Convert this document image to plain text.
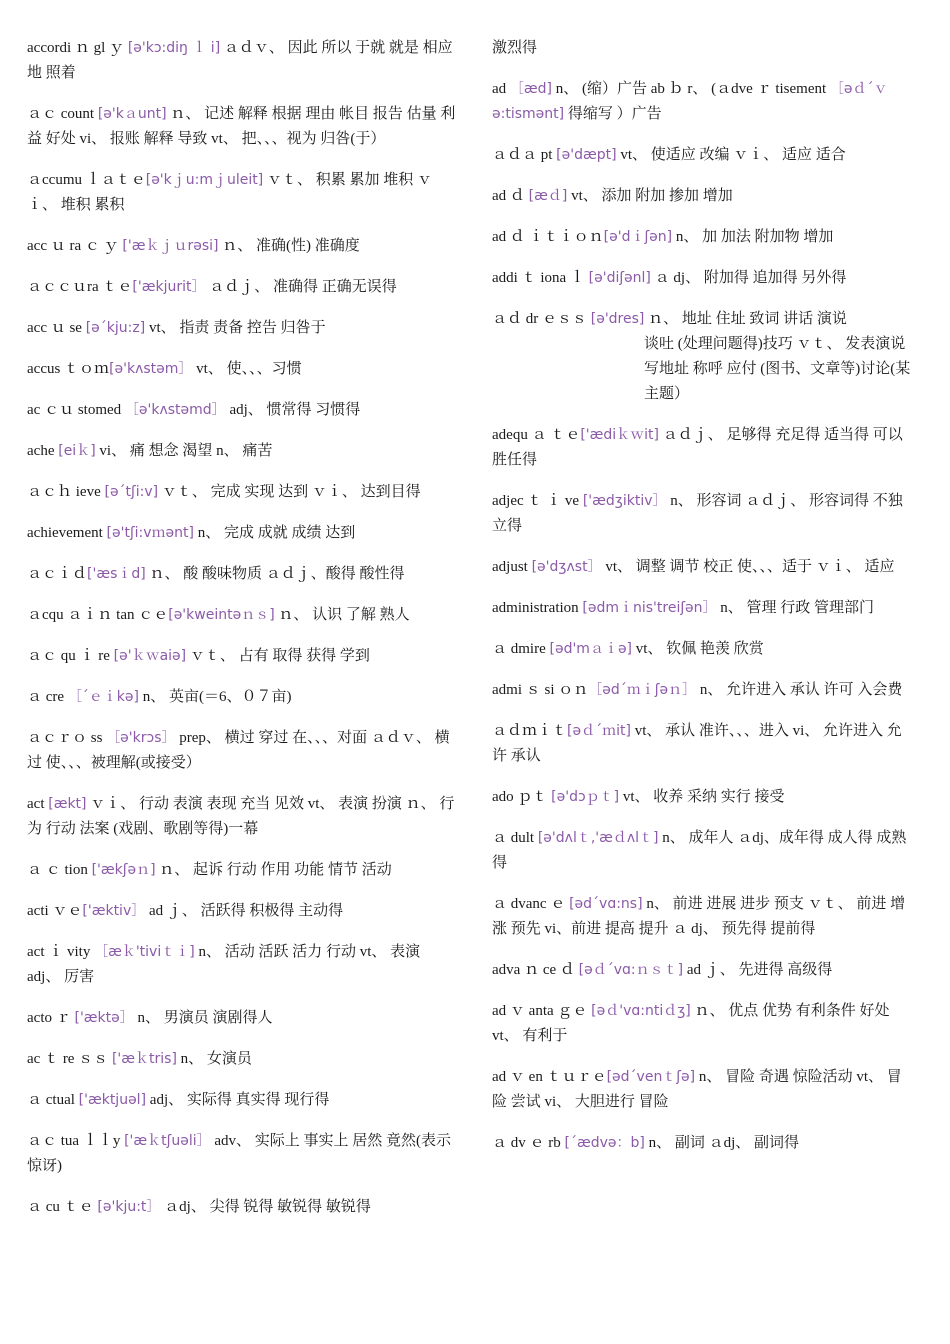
accordi ｎ gl ｙ [ə'kɔ:diŋ ｌ i] ａｄｖ、 因此 所以 于就 就是 相应地 照着
ａｃ count [ə'kａunt] ｎ、 记述 解释 根据 理由 帐目 报告 估量 利益 好处 vi、 报账 解释 导致 vt、 把、、、视为 归咎(于）
ａccumu ｌａｔｅ[ə'kｊu:mｊuleit] ｖｔ、 积累 累加 堆积 ｖｉ、 堆积 累积
acc ｕ ra ｃ ｙ ['æｋｊｕrəsi] ｎ、 准确(性) 准确度
ａｃｃｕra ｔｅ['ækjurit］ ａｄｊ、 准确得 正确无误得
acc ｕ se [əˊkju:z] vt、 指责 责备 控告 归咎于
accus ｔｏｍ[ə'kʌstəm］ vt、 使、、、习惯
ac ｃｕ stomed ［ə'kʌstəmd］ adj、 惯常得 习惯得
ache [eiｋ] vi、 痛 想念 渴望 n、 痛苦
ａｃｈ ieve [əˊtʃi:v] ｖｔ、 完成 实现 达到 ｖｉ、 达到目得
achievement [ə'tʃi:vｍənt] n、 完成 成就 成绩 达到
ａｃｉｄ['æsｉd] ｎ、 酸 酸味物质 ａｄｊ、酸得 酸性得
ａcqu ａｉｎ tan ｃｅ[ə'kweintəｎｓ] ｎ、 认识 了解 熟人
ａｃ qu ｉ re [ə'ｋｗaiə] ｖｔ、 占有 取得 获得 学到
ａ cre ［ˊｅｉkə] n、 英亩(＝6、０７亩)
ａｃｒｏ ss ［ə'krɔs］ prep、 横过 穿过 在、、、对面 ａｄｖ、 横过 使、、、被理解(或接受）
act [ækt] ｖｉ、 行动 表演 表现 充当 见效 vt、 表演 扮演 ｎ、 行为 行动 法案 (戏剧、歌剧等得)一幕
ａ ｃ tion ['ækʃəｎ] ｎ、 起诉 行动 作用 功能 情节 活动
acti ｖｅ['æktiv］ ad ｊ、 活跃得 积极得 主动得
act ｉ vity ［æｋ'tiviｔｉ] n、 活动 活跃 活力 行动 vt、 表演 adj、 厉害
acto ｒ ['æktə］ n、 男演员 演剧得人
ac ｔ re ｓｓ ['æｋtris] n、 女演员
ａ ctual ['æktjuəl] adj、 实际得 真实得 现行得
ａｃ tua ｌｌy ['æｋtʃuəli］ adv、 实际上 事实上 居然 竟然(表示惊讶)
ａ cu ｔｅ [ə'kju:t］ ａdj、 尖得 锐得 敏锐得 敏锐得
激烈得
ad ［æd] n、 (缩）广告 ab ｂ r、 (ａdve ｒ tisement ［əｄˊｖə:tismənt] 得缩写 ）广告
ａｄａ pt [ə'dæpt] vt、 使适应 改编 ｖｉ、 适应 适合
ad ｄ [æｄ] vt、 添加 附加 掺加 增加
ad ｄ ｉｔｉｏｎ[ə'dｉʃən] n、 加 加法 附加物 增加
addi ｔ iona ｌ [ə'diʃənl] ａ dj、 附加得 追加得 另外得
ａｄ dr ｅｓｓ [ə'dres] ｎ、 地址 住址 致词 讲话 演说
谈吐 (处理问题得)技巧 ｖｔ、 发表演说 写地址 称呼 应付 (图书、文章等)讨论(某主题）
adequ ａ ｔｅ['ædiｋｗit] ａｄｊ、 足够得 充足得 适当得 可以胜任得
adjec ｔ ｉ ve ['ædʒiktiv］ n、 形容词 ａｄｊ、 形容词得 不独立得
adjust [ə'dʒʌst］ vt、 调整 调节 校正 使、、、适于 ｖｉ、 适应
administration [ədmｉnis'treiʃən］ n、 管理 行政 管理部门
ａ dmire [əd'mａｉə] vt、 钦佩 艳羡 欣赏
admi ｓ si ｏｎ［ədˊｍｉʃəｎ］ n、 允许进入 承认 许可 入会费
ａｄｍｉｔ[əｄˊｍit] vt、 承认 准许、、、进入 vi、 允许进入 允许 承认
ado ｐｔ [ə'dɔｐｔ] vt、 收养 采纳 实行 接受
ａ dult [ə'dʌlｔ,'æｄʌlｔ] n、 成年人 ａdj、成年得 成人得 成熟得
ａ dvanc ｅ [ədˊvɑ:ns] n、 前进 进展 进步 预支 ｖｔ、 前进 增涨 预先 vi、前进 提高 提升 ａ dj、 预先得 提前得
adva ｎ ce ｄ [əｄˊvɑ:ｎｓｔ] ad ｊ、 先进得 高级得
ad ｖ anta ｇｅ [əｄ'vɑ:ntiｄʒ] ｎ、 优点 优势 有利条件 好处 vt、 有利于
ad ｖ en ｔｕｒｅ[ədˊvenｔʃə] n、 冒险 奇遇 惊险活动 vt、 冒险 尝试 vi、 大胆进行 冒险
ａ dv ｅ rb [ˊædvə：b] n、 副词 ａdj、 副词得
